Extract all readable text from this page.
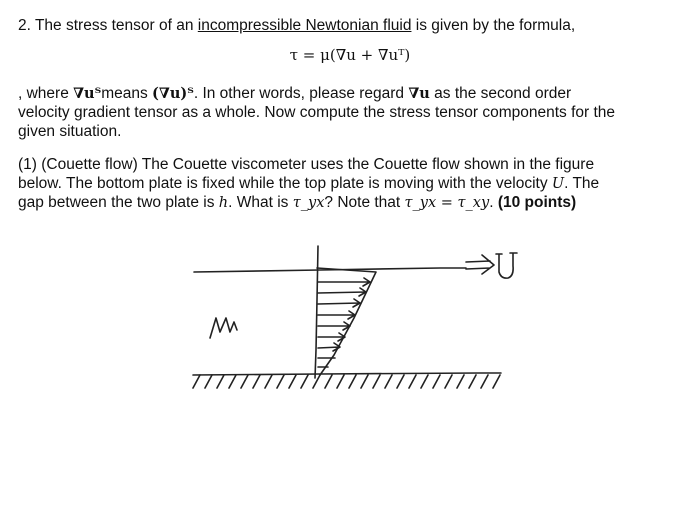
2. The stress tensor of an incompressible Newtonian fluid is given by the formula,

τ = μ(∇u + ∇uᵀ)

, where ∇uᵀmeans (∇u)ᵀ. In other words, please regard ∇u as the second order

velocity gradient tensor as a whole. Now compute the stress tensor components for the

given situation.

(1) (Couette flow) The Couette viscometer uses the Couette flow shown in the figure

below. The bottom plate is fixed while the top plate is moving with the velocity U. The

gap between the two plate is h. What is τ_yx? Note that τ_yx = τ_xy. (10 points)
